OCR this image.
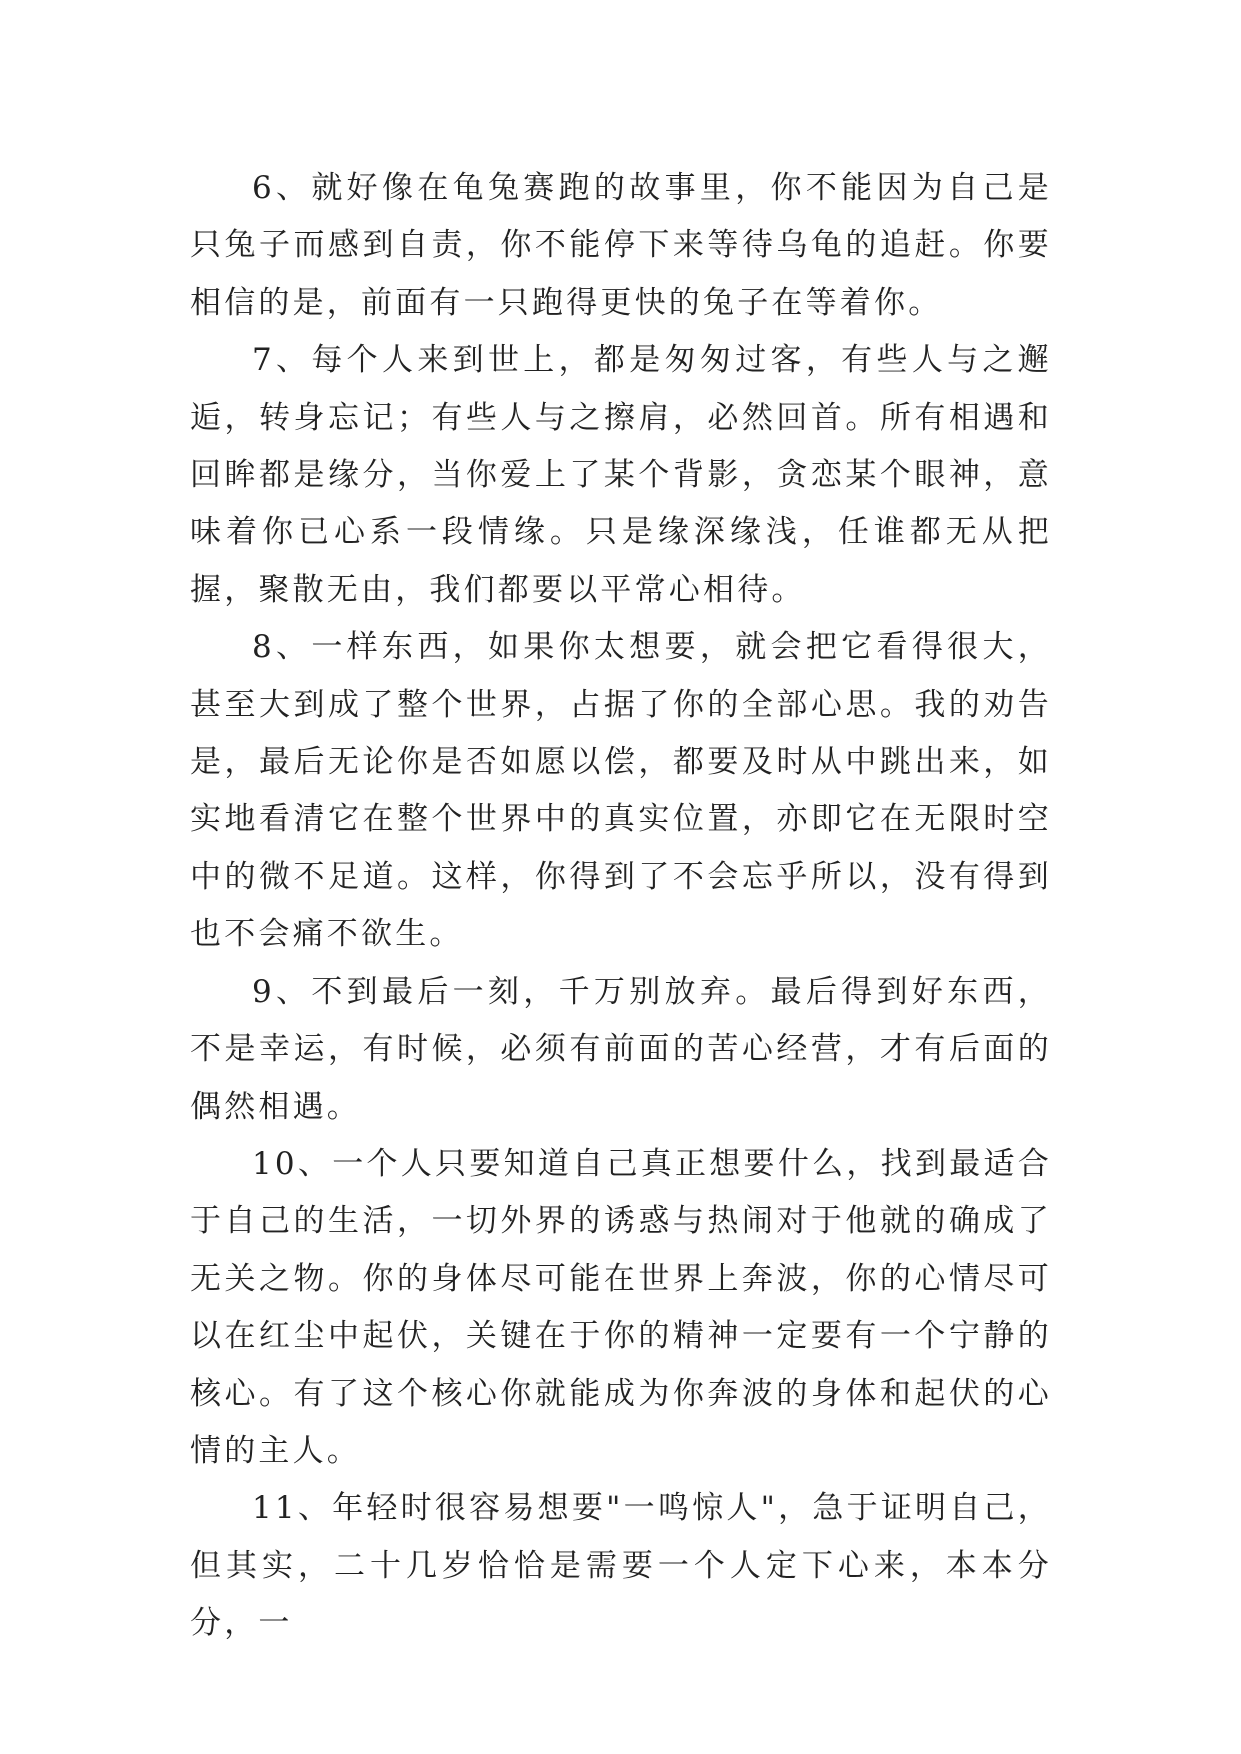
6、就好像在龟兔赛跑的故事里，你不能因为自己是只兔子而感到自责，你不能停下来等待乌龟的追赶。你要相信的是，前面有一只跑得更快的兔子在等着你。

7、每个人来到世上，都是匆匆过客，有些人与之邂逅，转身忘记；有些人与之擦肩，必然回首。所有相遇和回眸都是缘分，当你爱上了某个背影，贪恋某个眼神，意味着你已心系一段情缘。只是缘深缘浅，任谁都无从把握，聚散无由，我们都要以平常心相待。

8、一样东西，如果你太想要，就会把它看得很大，甚至大到成了整个世界，占据了你的全部心思。我的劝告是，最后无论你是否如愿以偿，都要及时从中跳出来，如实地看清它在整个世界中的真实位置，亦即它在无限时空中的微不足道。这样，你得到了不会忘乎所以，没有得到也不会痛不欲生。

9、不到最后一刻，千万别放弃。最后得到好东西，不是幸运，有时候，必须有前面的苦心经营，才有后面的偶然相遇。

10、一个人只要知道自己真正想要什么，找到最适合于自己的生活，一切外界的诱惑与热闹对于他就的确成了无关之物。你的身体尽可能在世界上奔波，你的心情尽可以在红尘中起伏，关键在于你的精神一定要有一个宁静的核心。有了这个核心你就能成为你奔波的身体和起伏的心情的主人。

11、年轻时很容易想要"一鸣惊人"，急于证明自己，但其实，二十几岁恰恰是需要一个人定下心来，本本分分，一
